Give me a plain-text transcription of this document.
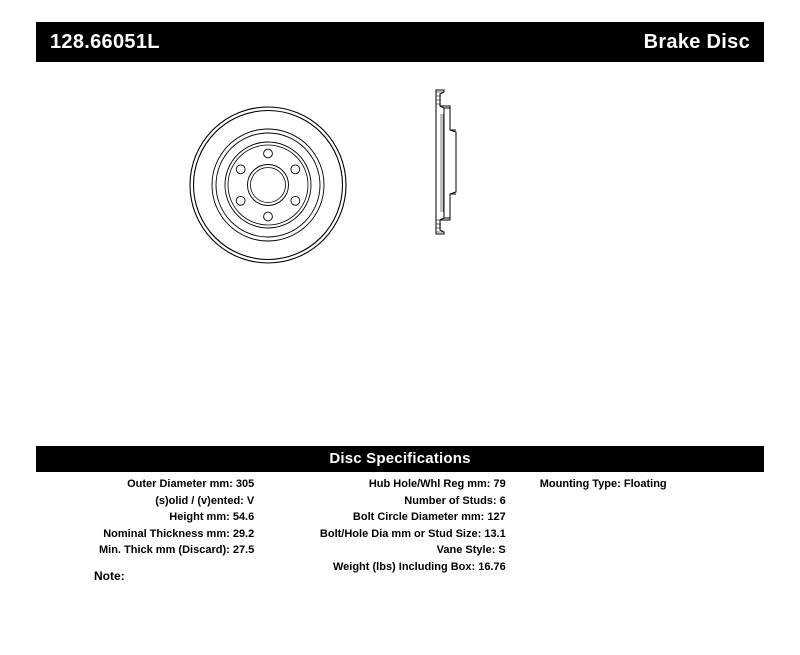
128.66051L	Brake Disc
Disc Specifications
Outer Diameter mm: 305
(s)olid / (v)ented: V
Height mm: 54.6
Nominal Thickness mm: 29.2
Min. Thick mm (Discard): 27.5
Hub Hole/Whl Reg mm: 79
Number of Studs: 6
Bolt Circle Diameter mm: 127
Bolt/Hole Dia mm or Stud Size: 13.1
Vane Style: S
Weight (lbs) Including Box: 16.76
Mounting Type: Floating
Note:
